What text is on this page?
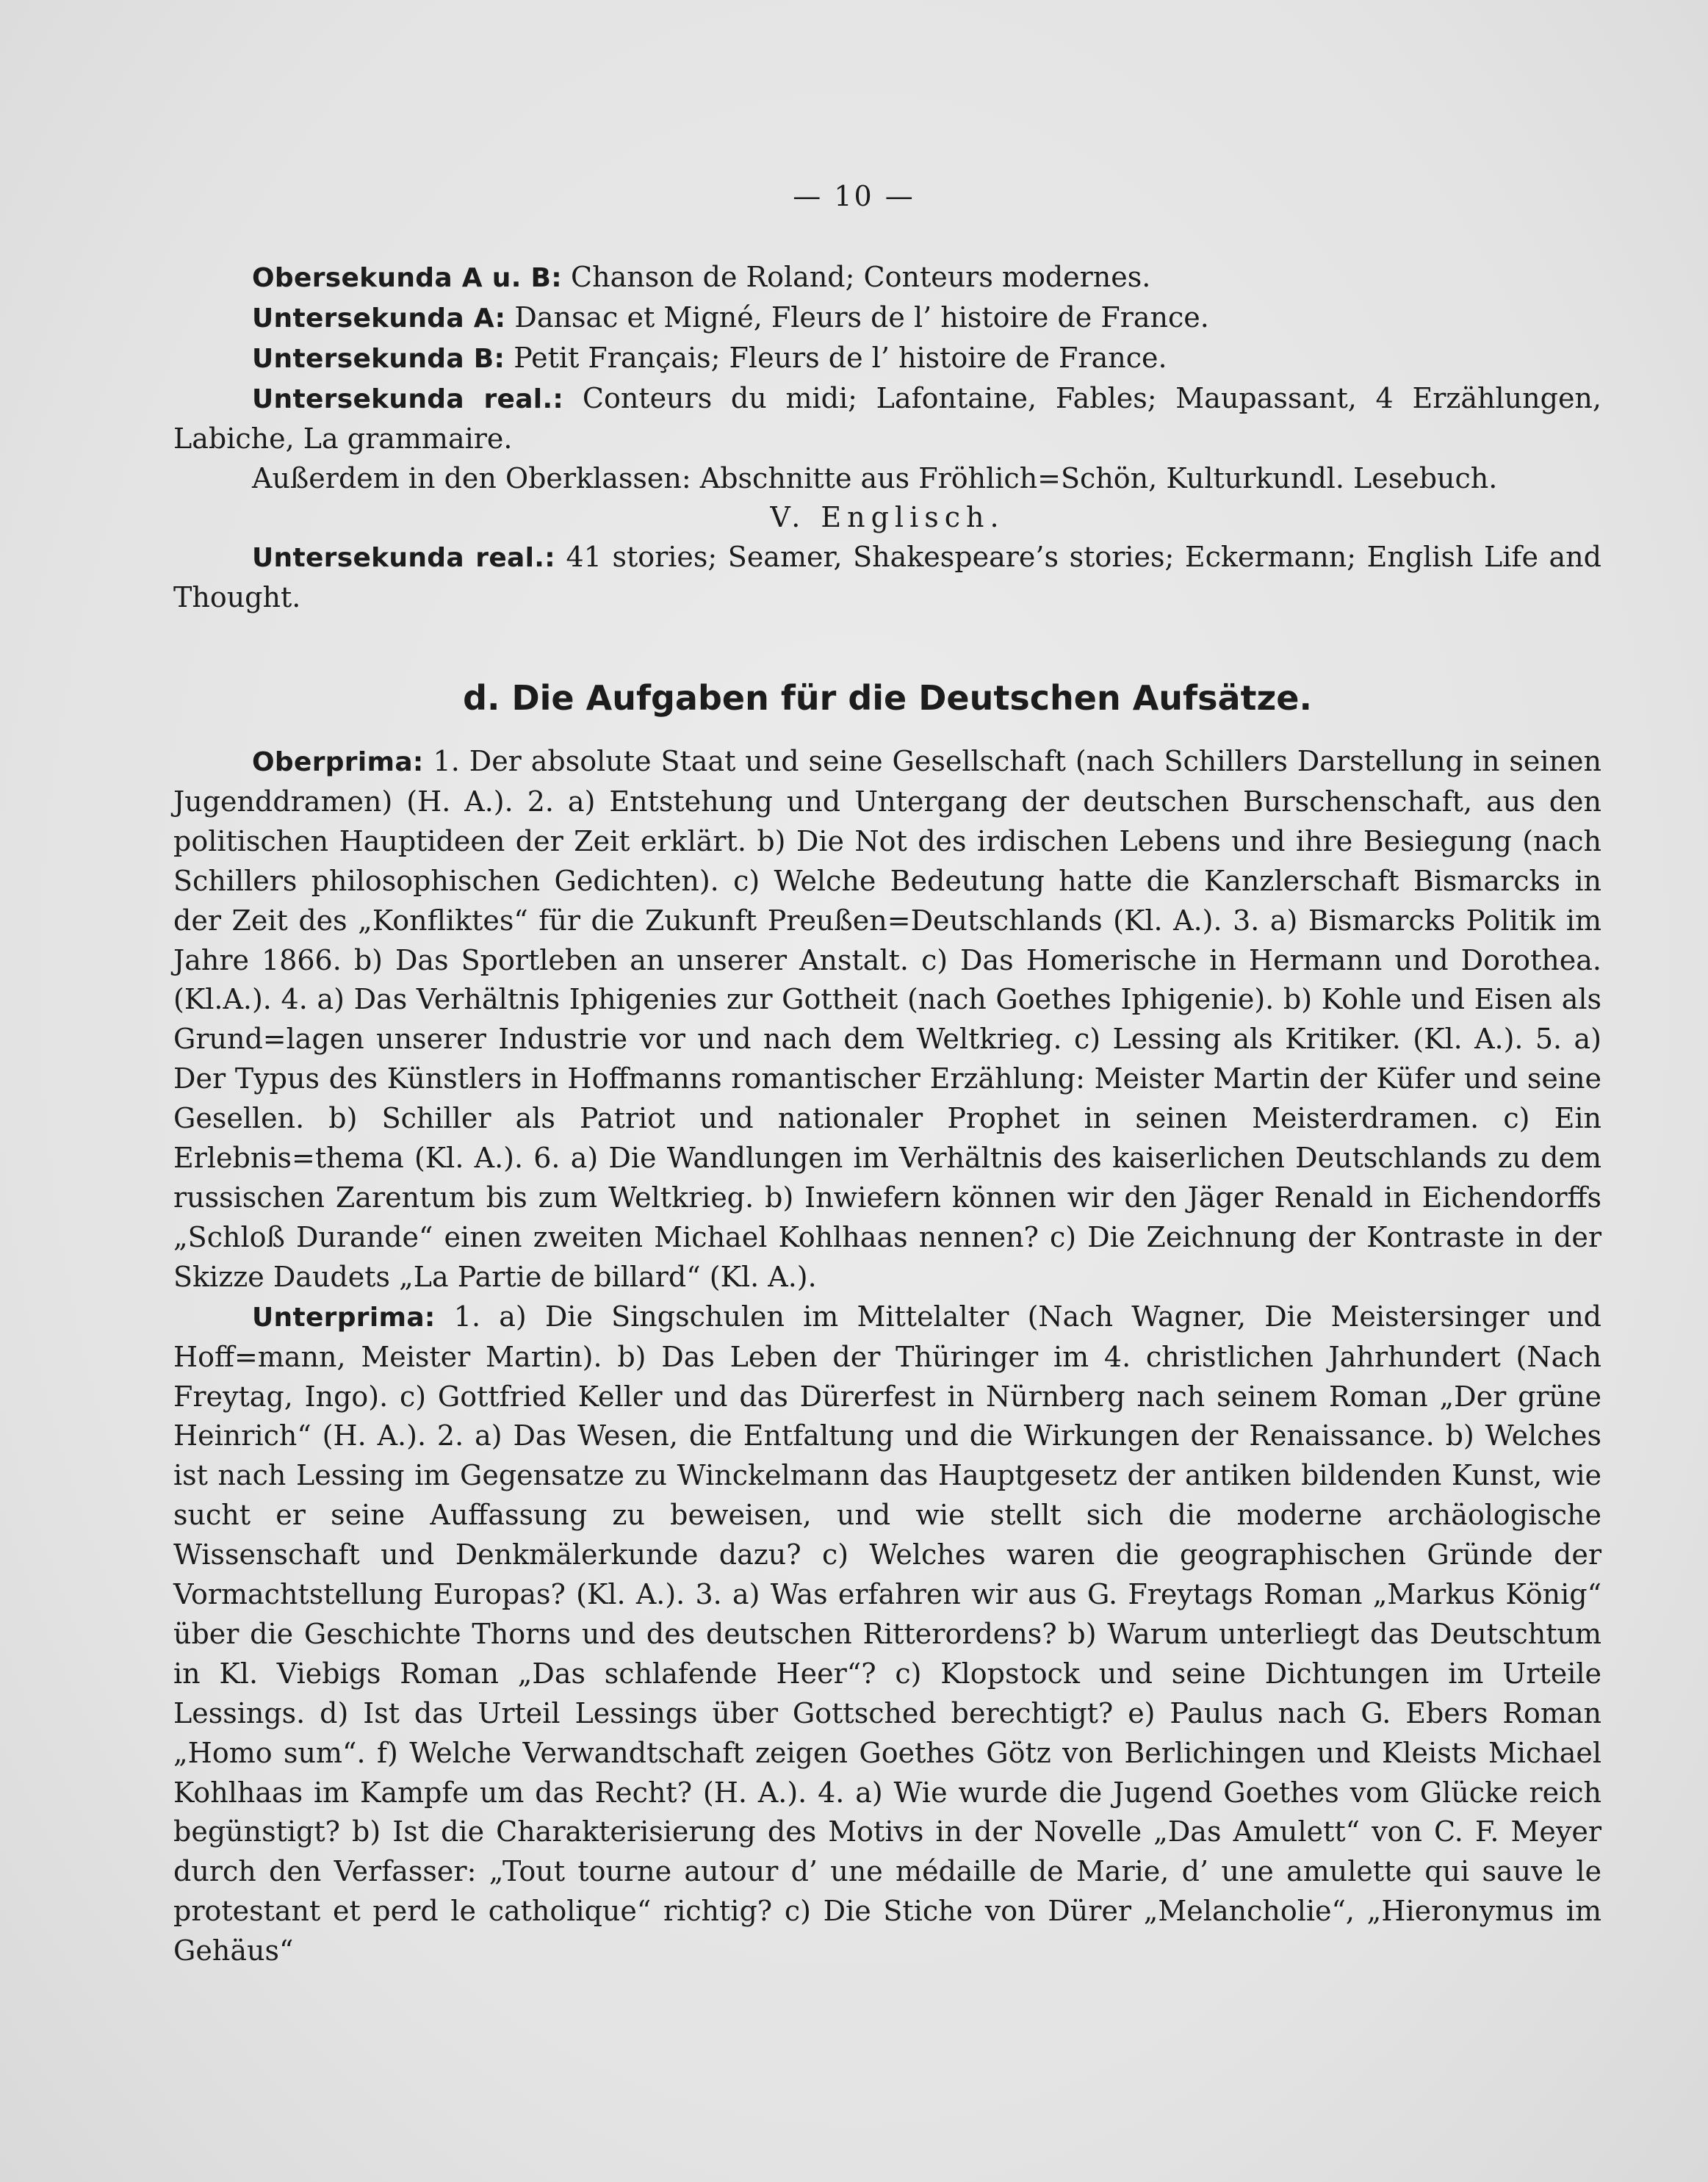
— 10 —

Obersekunda A u. B: Chanson de Roland; Conteurs modernes.

Untersekunda A: Dansac et Migné, Fleurs de l’ histoire de France.

Untersekunda B: Petit Français; Fleurs de l’ histoire de France.

Untersekunda real.: Conteurs du midi; Lafontaine, Fables; Maupassant, 4 Erzählungen, Labiche, La grammaire.

Außerdem in den Oberklassen: Abschnitte aus Fröhlich=Schön, Kulturkundl. Lesebuch.

V. Englisch.

Untersekunda real.: 41 stories; Seamer, Shakespeare’s stories; Eckermann; English Life and Thought.

d. Die Aufgaben für die Deutschen Aufsätze.

Oberprima: 1. Der absolute Staat und seine Gesellschaft (nach Schillers Darstellung in seinen Jugenddramen) (H. A.). 2. a) Entstehung und Untergang der deutschen Burschenschaft, aus den politischen Hauptideen der Zeit erklärt. b) Die Not des irdischen Lebens und ihre Besiegung (nach Schillers philosophischen Gedichten). c) Welche Bedeutung hatte die Kanzlerschaft Bismarcks in der Zeit des „Konfliktes“ für die Zukunft Preußen=Deutschlands (Kl. A.). 3. a) Bismarcks Politik im Jahre 1866. b) Das Sportleben an unserer Anstalt. c) Das Homerische in Hermann und Dorothea. (Kl.A.). 4. a) Das Verhältnis Iphigenies zur Gottheit (nach Goethes Iphigenie). b) Kohle und Eisen als Grund=lagen unserer Industrie vor und nach dem Weltkrieg. c) Lessing als Kritiker. (Kl. A.). 5. a) Der Typus des Künstlers in Hoffmanns romantischer Erzählung: Meister Martin der Küfer und seine Gesellen. b) Schiller als Patriot und nationaler Prophet in seinen Meisterdramen. c) Ein Erlebnis=thema (Kl. A.). 6. a) Die Wandlungen im Verhältnis des kaiserlichen Deutschlands zu dem russischen Zarentum bis zum Weltkrieg. b) Inwiefern können wir den Jäger Renald in Eichendorffs „Schloß Durande“ einen zweiten Michael Kohlhaas nennen? c) Die Zeichnung der Kontraste in der Skizze Daudets „La Partie de billard“ (Kl. A.).

Unterprima: 1. a) Die Singschulen im Mittelalter (Nach Wagner, Die Meistersinger und Hoff=mann, Meister Martin). b) Das Leben der Thüringer im 4. christlichen Jahrhundert (Nach Freytag, Ingo). c) Gottfried Keller und das Dürerfest in Nürnberg nach seinem Roman „Der grüne Heinrich“ (H. A.). 2. a) Das Wesen, die Entfaltung und die Wirkungen der Renaissance. b) Welches ist nach Lessing im Gegensatze zu Winckelmann das Hauptgesetz der antiken bildenden Kunst, wie sucht er seine Auffassung zu beweisen, und wie stellt sich die moderne archäologische Wissenschaft und Denkmälerkunde dazu? c) Welches waren die geographischen Gründe der Vormachtstellung Europas? (Kl. A.). 3. a) Was erfahren wir aus G. Freytags Roman „Markus König“ über die Geschichte Thorns und des deutschen Ritterordens? b) Warum unterliegt das Deutschtum in Kl. Viebigs Roman „Das schlafende Heer“? c) Klopstock und seine Dichtungen im Urteile Lessings. d) Ist das Urteil Lessings über Gottsched berechtigt? e) Paulus nach G. Ebers Roman „Homo sum“. f) Welche Verwandtschaft zeigen Goethes Götz von Berlichingen und Kleists Michael Kohlhaas im Kampfe um das Recht? (H. A.). 4. a) Wie wurde die Jugend Goethes vom Glücke reich begünstigt? b) Ist die Charakterisierung des Motivs in der Novelle „Das Amulett“ von C. F. Meyer durch den Verfasser: „Tout tourne autour d’ une médaille de Marie, d’ une amulette qui sauve le protestant et perd le catholique“ richtig? c) Die Stiche von Dürer „Melancholie“, „Hieronymus im Gehäus“
